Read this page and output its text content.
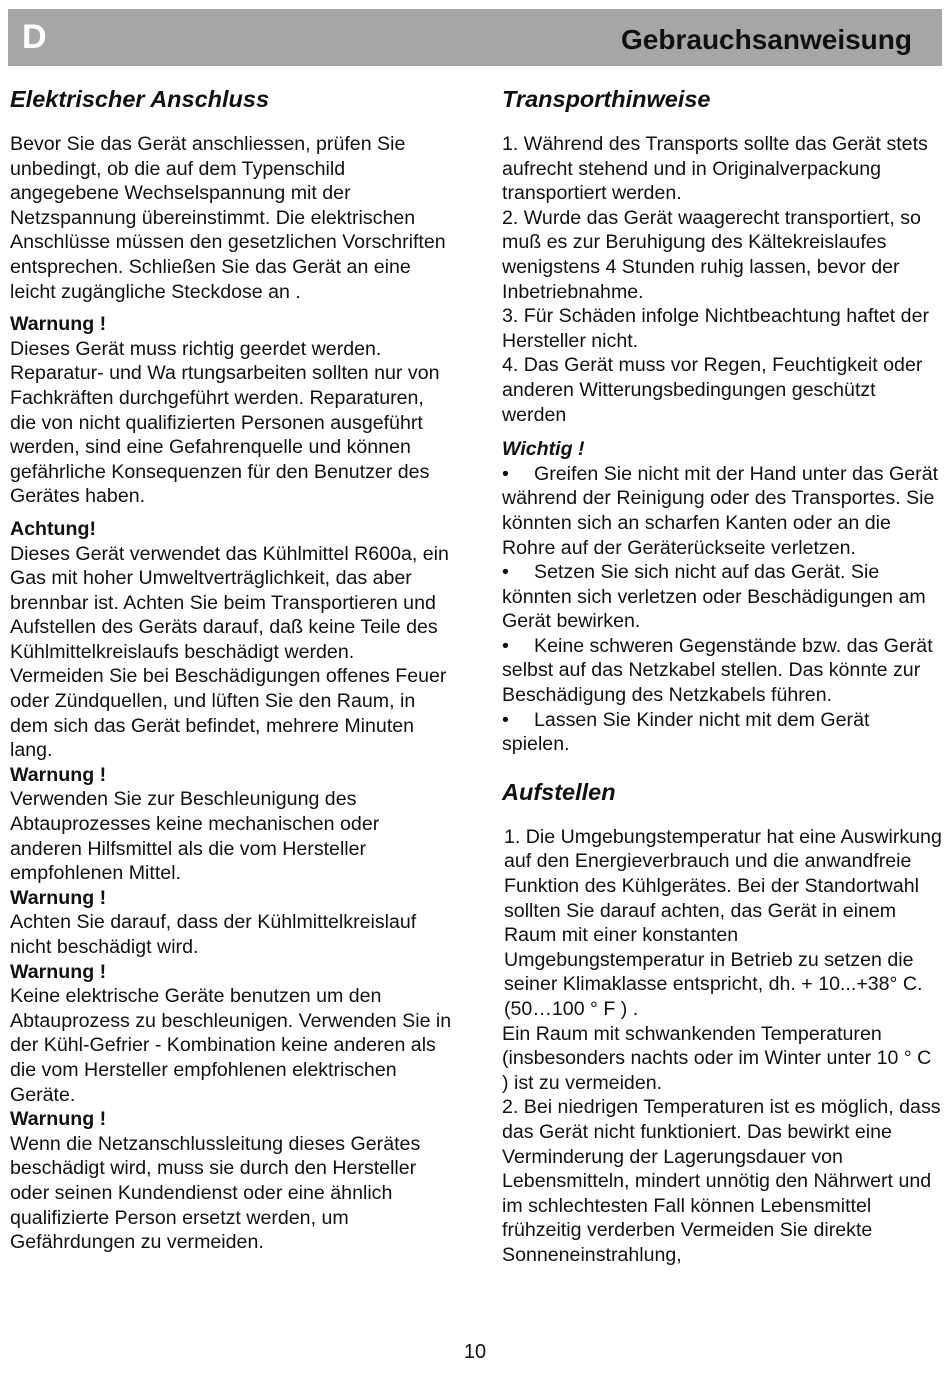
D	Gebrauchsanweisung
Elektrischer Anschluss

Bevor Sie das Gerät anschliessen, prüfen Sie unbedingt, ob die auf dem Typenschild angegebene Wechselspannung mit der Netzspannung übereinstimmt. Die elektrischen Anschlüsse müssen den gesetzlichen Vorschriften entsprechen. Schließen Sie das Gerät an eine leicht zugängliche Steckdose an .

Warnung !

Dieses Gerät muss richtig geerdet werden. Reparatur- und Wa rtungsarbeiten sollten nur von Fachkräften durchgeführt werden. Reparaturen, die von nicht qualifizierten Personen ausgeführt werden, sind eine Gefahrenquelle und können gefährliche Konsequenzen für den Benutzer des Gerätes haben.

Achtung!

Dieses Gerät verwendet das Kühlmittel R600a, ein Gas mit hoher Umweltverträglichkeit, das aber brennbar ist. Achten Sie beim Transportieren und Aufstellen des Geräts darauf, daß keine Teile des Kühlmittelkreislaufs beschädigt werden. Vermeiden Sie bei Beschädigungen offenes Feuer oder Zündquellen, und lüften Sie den Raum, in dem sich das Gerät befindet, mehrere Minuten lang.

Warnung !

Verwenden Sie zur Beschleunigung des Abtauprozesses keine mechanischen oder anderen Hilfsmittel als die vom Hersteller empfohlenen Mittel.

Warnung !

Achten Sie darauf, dass der Kühlmittelkreislauf nicht beschädigt wird.

Warnung !

Keine elektrische Geräte benutzen um den Abtauprozess zu beschleunigen. Verwenden Sie in der Kühl-Gefrier - Kombination keine anderen als die vom Hersteller empfohlenen elektrischen Geräte.

Warnung !

Wenn die Netzanschlussleitung dieses Gerätes beschädigt wird, muss sie durch den Hersteller oder seinen Kundendienst oder eine ähnlich qualifizierte Person ersetzt werden, um Gefährdungen zu vermeiden.

Transporthinweise

1. Während des Transports sollte das Gerät stets aufrecht stehend und in Originalverpackung transportiert werden.

2. Wurde das Gerät waagerecht transportiert, so muß es zur Beruhigung des Kältekreislaufes wenigstens 4 Stunden ruhig lassen, bevor der Inbetriebnahme.

3. Für Schäden infolge Nichtbeachtung haftet der Hersteller nicht.

4. Das Gerät muss vor Regen, Feuchtigkeit oder anderen Witterungsbedingungen geschützt werden

Wichtig !

• Greifen Sie nicht mit der Hand unter das Gerät während der Reinigung oder des Transportes. Sie könnten sich an scharfen Kanten oder an die Rohre auf der Geräterückseite verletzen.

• Setzen Sie sich nicht auf das Gerät. Sie könnten sich verletzen oder Beschädigungen am Gerät bewirken.

• Keine schweren Gegenstände bzw. das Gerät selbst auf das Netzkabel stellen. Das könnte zur Beschädigung des Netzkabels führen.

• Lassen Sie Kinder nicht mit dem Gerät spielen.

Aufstellen

1. Die Umgebungstemperatur hat eine Auswirkung auf den Energieverbrauch und die anwandfreie Funktion des Kühlgerätes. Bei der Standortwahl sollten Sie darauf achten, das Gerät in einem Raum mit einer konstanten Umgebungstemperatur in Betrieb zu setzen die seiner Klimaklasse entspricht, dh. + 10...+38° C. (50…100 ° F ) .

Ein Raum mit schwankenden Temperaturen (insbesonders nachts oder im Winter unter 10 ° C ) ist zu vermeiden.

2. Bei niedrigen Temperaturen ist es möglich, dass das Gerät nicht funktioniert. Das bewirkt eine Verminderung der Lagerungsdauer von Lebensmitteln, mindert unnötig den Nährwert und im schlechtesten Fall können Lebensmittel frühzeitig verderben Vermeiden Sie direkte Sonneneinstrahlung,

10
